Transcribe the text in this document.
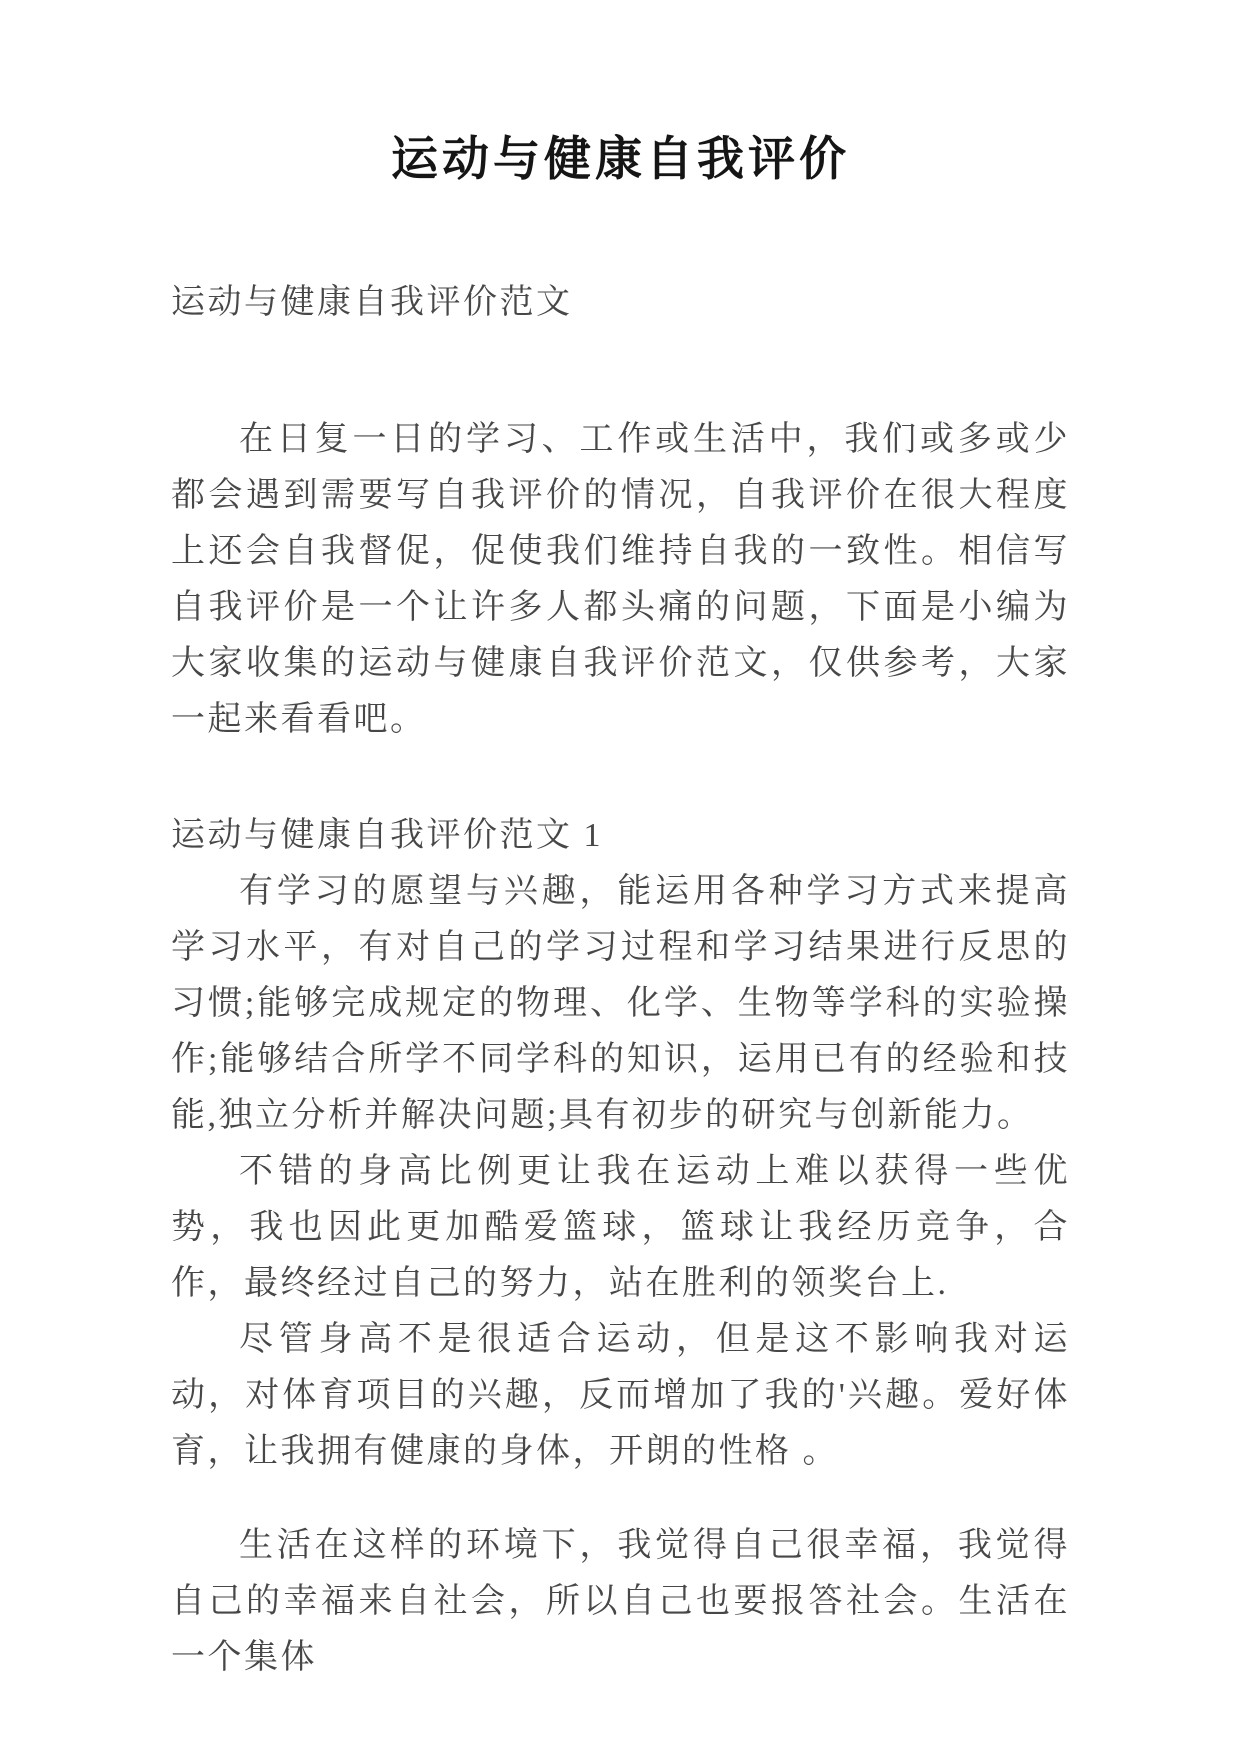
运动与健康自我评价

运动与健康自我评价范文

在日复一日的学习、工作或生活中，我们或多或少都会遇到需要写自我评价的情况，自我评价在很大程度上还会自我督促，促使我们维持自我的一致性。相信写自我评价是一个让许多人都头痛的问题，下面是小编为大家收集的运动与健康自我评价范文，仅供参考，大家一起来看看吧。

运动与健康自我评价范文 1

有学习的愿望与兴趣，能运用各种学习方式来提高学习水平，有对自己的学习过程和学习结果进行反思的习惯;能够完成规定的物理、化学、生物等学科的实验操作;能够结合所学不同学科的知识，运用已有的经验和技能,独立分析并解决问题;具有初步的研究与创新能力。

不错的身高比例更让我在运动上难以获得一些优势，我也因此更加酷爱篮球，篮球让我经历竞争，合作，最终经过自己的努力，站在胜利的领奖台上.

尽管身高不是很适合运动，但是这不影响我对运动，对体育项目的兴趣，反而增加了我的'兴趣。爱好体育，让我拥有健康的身体，开朗的性格 。

生活在这样的环境下，我觉得自己很幸福，我觉得自己的幸福来自社会，所以自己也要报答社会。生活在一个集体
